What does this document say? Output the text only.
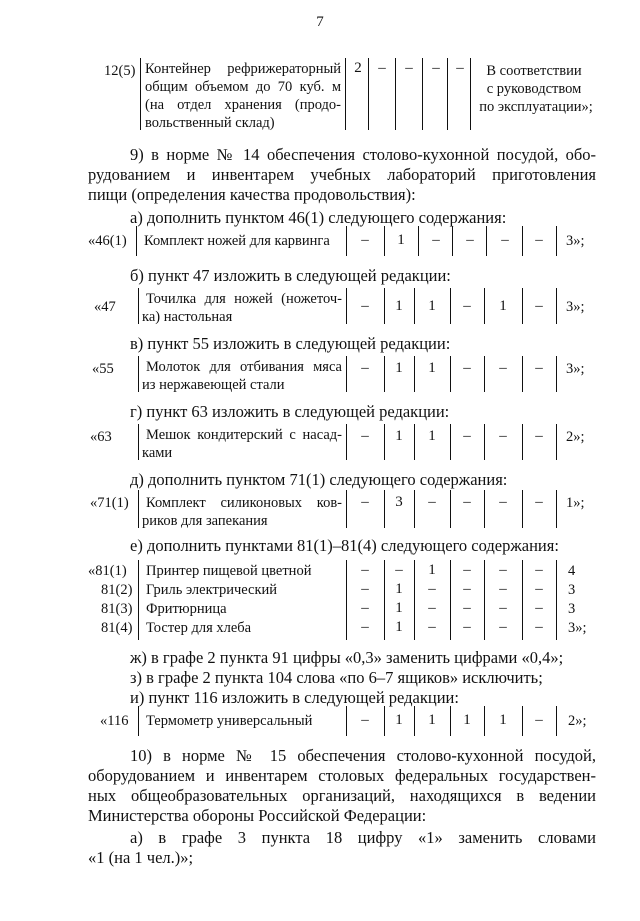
7
12(5) Контейнер рефрижераторный
общим объемом до 70 куб. м
(на отдел хранения (продо-
вольственный склад)
2	–	–	–	–	В соответствии
с руководством
по эксплуатации»;
9) в норме № 14 обеспечения столово-кухонной посудой, обо-
рудованием и инвентарем учебных лабораторий приготовления
пищи (определения качества продовольствия):
а) дополнить пунктом 46(1) следующего содержания:
«46(1) Комплект ножей для карвинга	–	1	–	–	–	–	3»;
б) пункт 47 изложить в следующей редакции:
«47 Точилка для ножей (ножеточ-
ка) настольная
–	1	1	–	1	–	3»;
в) пункт 55 изложить в следующей редакции:
«55 Молоток для отбивания мяса
из нержавеющей стали
–	1	1	–	–	–	3»;
г) пункт 63 изложить в следующей редакции:
«63 Мешок кондитерский с насад-
ками
–	1	1	–	–	–	2»;
д) дополнить пунктом 71(1) следующего содержания:
«71(1) Комплект силиконовых ков-
риков для запекания
–	3	–	–	–	–	1»;
е) дополнить пунктами 81(1)–81(4) следующего содержания:
«81(1) Принтер пищевой цветной	–	–	1	–	–	–	4
81(2) Гриль электрический	–	1	–	–	–	–	3
81(3) Фритюрница	–	1	–	–	–	–	3
81(4) Тостер для хлеба	–	1	–	–	–	–	3»;
ж) в графе 2 пункта 91 цифры «0,3» заменить цифрами «0,4»;
з) в графе 2 пункта 104 слова «по 6–7 ящиков» исключить;
и) пункт 116 изложить в следующей редакции:
«116 Термометр универсальный	–	1	1	1	1	–	2»;
10) в норме № 15 обеспечения столово-кухонной посудой,
оборудованием и инвентарем столовых федеральных государствен-
ных общеобразовательных организаций, находящихся в ведении
Министерства обороны Российской Федерации:
а) в графе 3 пункта 18 цифру «1» заменить словами
«1 (на 1 чел.)»;
